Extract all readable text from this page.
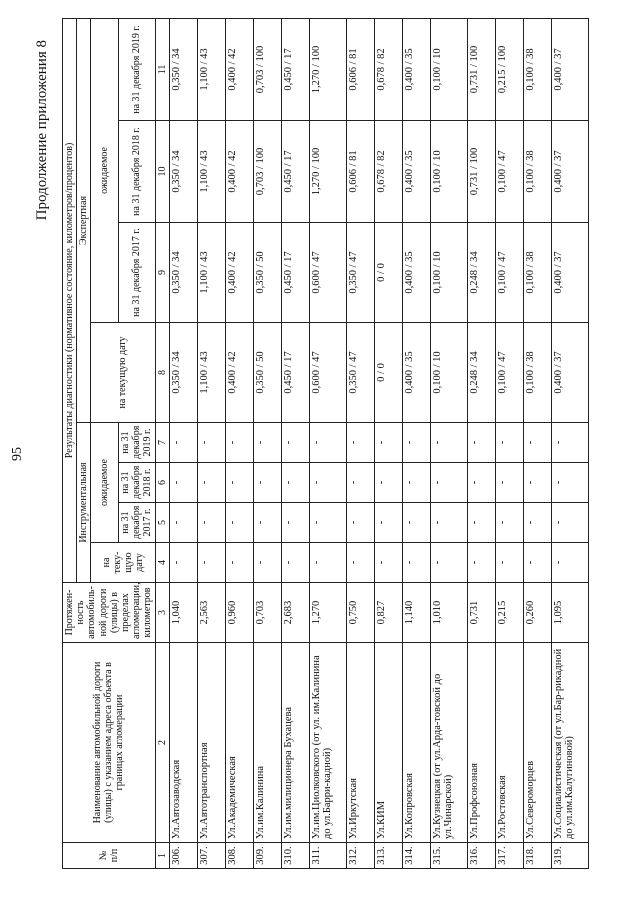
95
Продолжение приложения 8
№ п/п	Наименование автомобильной дороги (улицы) с указанием адреса объекта в границах агломерации	Протяжен-ность автомобиль-ной дороги (улицы) в пределах агломерации, километров	Результаты диагностики (нормативное состояние, километров/процентов)							
			Инструментальная				Экспертная			
			на теку-щую дату	ожидаемое			на текущую дату	ожидаемое		
				на 31 декабря 2017 г.	на 31 декабря 2018 г.	на 31 декабря 2019 г.		на 31 декабря 2017 г.	на 31 декабря 2018 г.	на 31 декабря 2019 г.
1	2	3	4	5	6	7	8	9	10	11
306.	Ул.Автозаводская	1,040	-	-	-	-	0,350 / 34	0,350 / 34	0,350 / 34	0,350 / 34
307.	Ул.Автотранспортная	2,563	-	-	-	-	1,100 / 43	1,100 / 43	1,100 / 43	1,100 / 43
308.	Ул.Академическая	0,960	-	-	-	-	0,400 / 42	0,400 / 42	0,400 / 42	0,400 / 42
309.	Ул.им.Калинина	0,703	-	-	-	-	0,350 / 50	0,350 / 50	0,703 / 100	0,703 / 100
310.	Ул.им.милиционера Бухацева	2,683	-	-	-	-	0,450 / 17	0,450 / 17	0,450 / 17	0,450 / 17
311.	Ул.им.Циолковского (от ул. им.Калинина до ул.Барри-кадной)	1,270	-	-	-	-	0,600 / 47	0,600 / 47	1,270 / 100	1,270 / 100
312.	Ул.Иркутская	0,750	-	-	-	-	0,350 / 47	0,350 / 47	0,606 / 81	0,606 / 81
313.	Ул.КИМ	0,827	-	-	-	-	0 / 0	0 / 0	0,678 / 82	0,678 / 82
314.	Ул.Копровская	1,140	-	-	-	-	0,400 / 35	0,400 / 35	0,400 / 35	0,400 / 35
315.	Ул.Кузнецкая (от ул.Арда-товской до ул.Чинарской)	1,010	-	-	-	-	0,100 / 10	0,100 / 10	0,100 / 10	0,100 / 10
316.	Ул.Профсоюзная	0,731	-	-	-	-	0,248 / 34	0,248 / 34	0,731 / 100	0,731 / 100
317.	Ул.Ростовская	0,215	-	-	-	-	0,100 / 47	0,100 / 47	0,100 / 47	0,215 / 100
318.	Ул.Североморцев	0,260	-	-	-	-	0,100 / 38	0,100 / 38	0,100 / 38	0,100 / 38
319.	Ул.Социалистическая (от ул.Бар-рикадной до ул.им.Калугиновой)	1,095	-	-	-	-	0,400 / 37	0,400 / 37	0,400 / 37	0,400 / 37
